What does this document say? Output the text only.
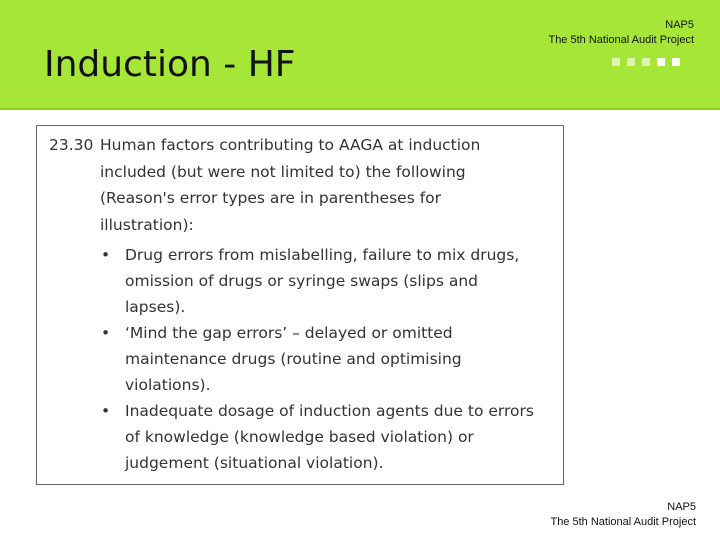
Induction - HF
NAP5
The 5th National Audit Project
23.30 Human factors contributing to AAGA at induction
included (but were not limited to) the following
(Reason's error types are in parentheses for
illustration):
• Drug errors from mislabelling, failure to mix drugs, omission of drugs or syringe swaps (slips and lapses).
• ‘Mind the gap errors’ – delayed or omitted maintenance drugs (routine and optimising violations).
• Inadequate dosage of induction agents due to errors of knowledge (knowledge based violation) or judgement (situational violation).
NAP5
The 5th National Audit Project
